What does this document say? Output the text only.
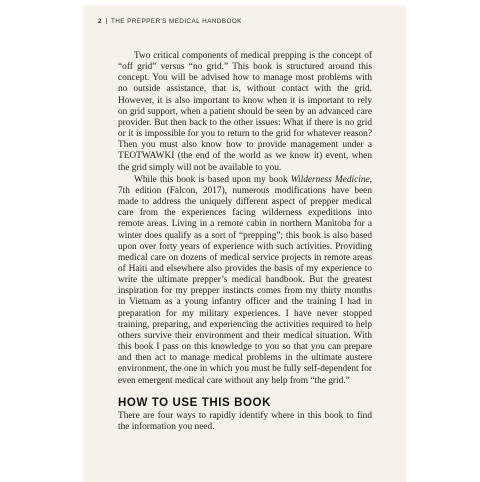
2 THE PREPPER'S MEDICAL HANDBOOK

Two critical components of medical prepping is the concept of “off grid” versus “no grid.” This book is structured around this concept. You will be advised how to manage most problems with no outside assistance, that is, without contact with the grid. However, it is also important to know when it is important to rely on grid support, when a patient should be seen by an advanced care provider. But then back to the other issues: What if there is no grid or it is impossible for you to return to the grid for whatever reason? Then you must also know how to provide management under a TEOTWAWKI (the end of the world as we know it) event, when the grid simply will not be available to you.

While this book is based upon my book Wilderness Medicine, 7th edition (Falcon, 2017), numerous modifications have been made to address the uniquely different aspect of prepper medical care from the experiences facing wilderness expeditions into remote areas. Living in a remote cabin in northern Manitoba for a winter does qualify as a sort of “prepping”; this book is also based upon over forty years of experience with such activities. Providing medical care on dozens of medical service projects in remote areas of Haiti and elsewhere also provides the basis of my experience to write the ultimate prepper’s medical handbook. But the greatest inspiration for my prepper instincts comes from my thirty months in Vietnam as a young infantry officer and the training I had in preparation for my military experiences. I have never stopped training, preparing, and experiencing the activities required to help others survive their environment and their medical situation. With this book I pass on this knowledge to you so that you can prepare and then act to manage medical problems in the ultimate austere environment, the one in which you must be fully self-dependent for even emergent medical care without any help from “the grid.”

HOW TO USE THIS BOOK

There are four ways to rapidly identify where in this book to find the information you need.
